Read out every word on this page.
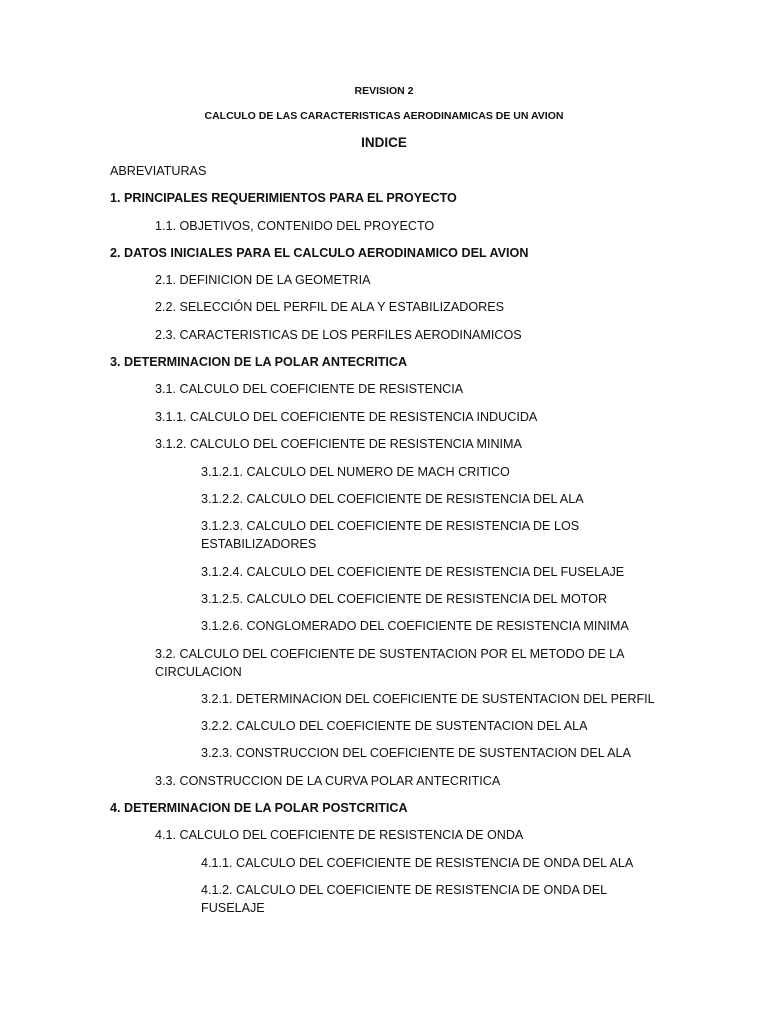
REVISION 2
CALCULO DE LAS CARACTERISTICAS AERODINAMICAS DE UN AVION
INDICE
ABREVIATURAS
1. PRINCIPALES REQUERIMIENTOS PARA EL PROYECTO
1.1. OBJETIVOS, CONTENIDO DEL PROYECTO
2. DATOS INICIALES PARA EL CALCULO AERODINAMICO DEL AVION
2.1. DEFINICION DE LA GEOMETRIA
2.2. SELECCIÓN DEL PERFIL DE ALA Y ESTABILIZADORES
2.3. CARACTERISTICAS DE LOS PERFILES AERODINAMICOS
3. DETERMINACION DE LA POLAR ANTECRITICA
3.1. CALCULO DEL COEFICIENTE DE RESISTENCIA
3.1.1. CALCULO DEL COEFICIENTE DE RESISTENCIA INDUCIDA
3.1.2. CALCULO DEL COEFICIENTE DE RESISTENCIA MINIMA
3.1.2.1. CALCULO DEL NUMERO DE MACH CRITICO
3.1.2.2. CALCULO DEL COEFICIENTE DE RESISTENCIA DEL ALA
3.1.2.3. CALCULO DEL COEFICIENTE DE RESISTENCIA DE LOS ESTABILIZADORES
3.1.2.4. CALCULO DEL COEFICIENTE DE RESISTENCIA DEL FUSELAJE
3.1.2.5. CALCULO DEL COEFICIENTE DE RESISTENCIA DEL MOTOR
3.1.2.6. CONGLOMERADO DEL COEFICIENTE DE RESISTENCIA MINIMA
3.2. CALCULO DEL COEFICIENTE DE SUSTENTACION POR EL METODO DE LA CIRCULACION
3.2.1. DETERMINACION DEL COEFICIENTE DE SUSTENTACION DEL PERFIL
3.2.2. CALCULO DEL COEFICIENTE DE SUSTENTACION DEL ALA
3.2.3. CONSTRUCCION DEL COEFICIENTE DE SUSTENTACION DEL ALA
3.3. CONSTRUCCION DE LA CURVA POLAR ANTECRITICA
4. DETERMINACION DE LA POLAR POSTCRITICA
4.1. CALCULO DEL COEFICIENTE DE RESISTENCIA DE ONDA
4.1.1. CALCULO DEL COEFICIENTE DE RESISTENCIA DE ONDA DEL ALA
4.1.2. CALCULO DEL COEFICIENTE DE RESISTENCIA DE ONDA DEL FUSELAJE
